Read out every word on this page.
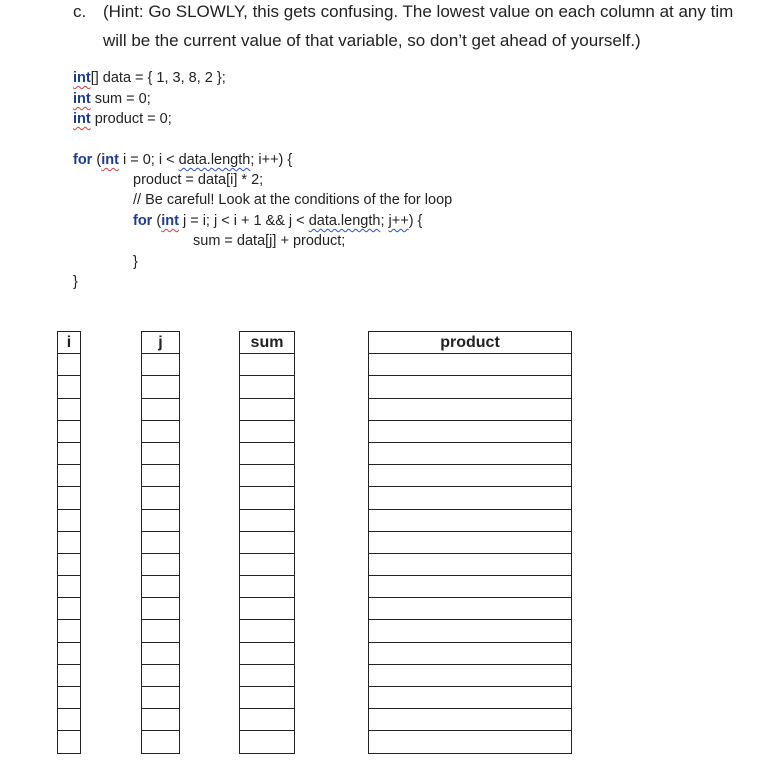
c. (Hint: Go SLOWLY, this gets confusing. The lowest value on each column at any tim
will be the current value of that variable, so don’t get ahead of yourself.)
int[] data = { 1, 3, 8, 2 };
int sum = 0;
int product = 0;
for (int i = 0; i < data.length; i++) {
product = data[i] * 2;
// Be careful! Look at the conditions of the for loop
for (int j = i; j < i + 1 && j < data.length; j++) {
sum = data[j] + product;
}
}
i	j	sum	product
